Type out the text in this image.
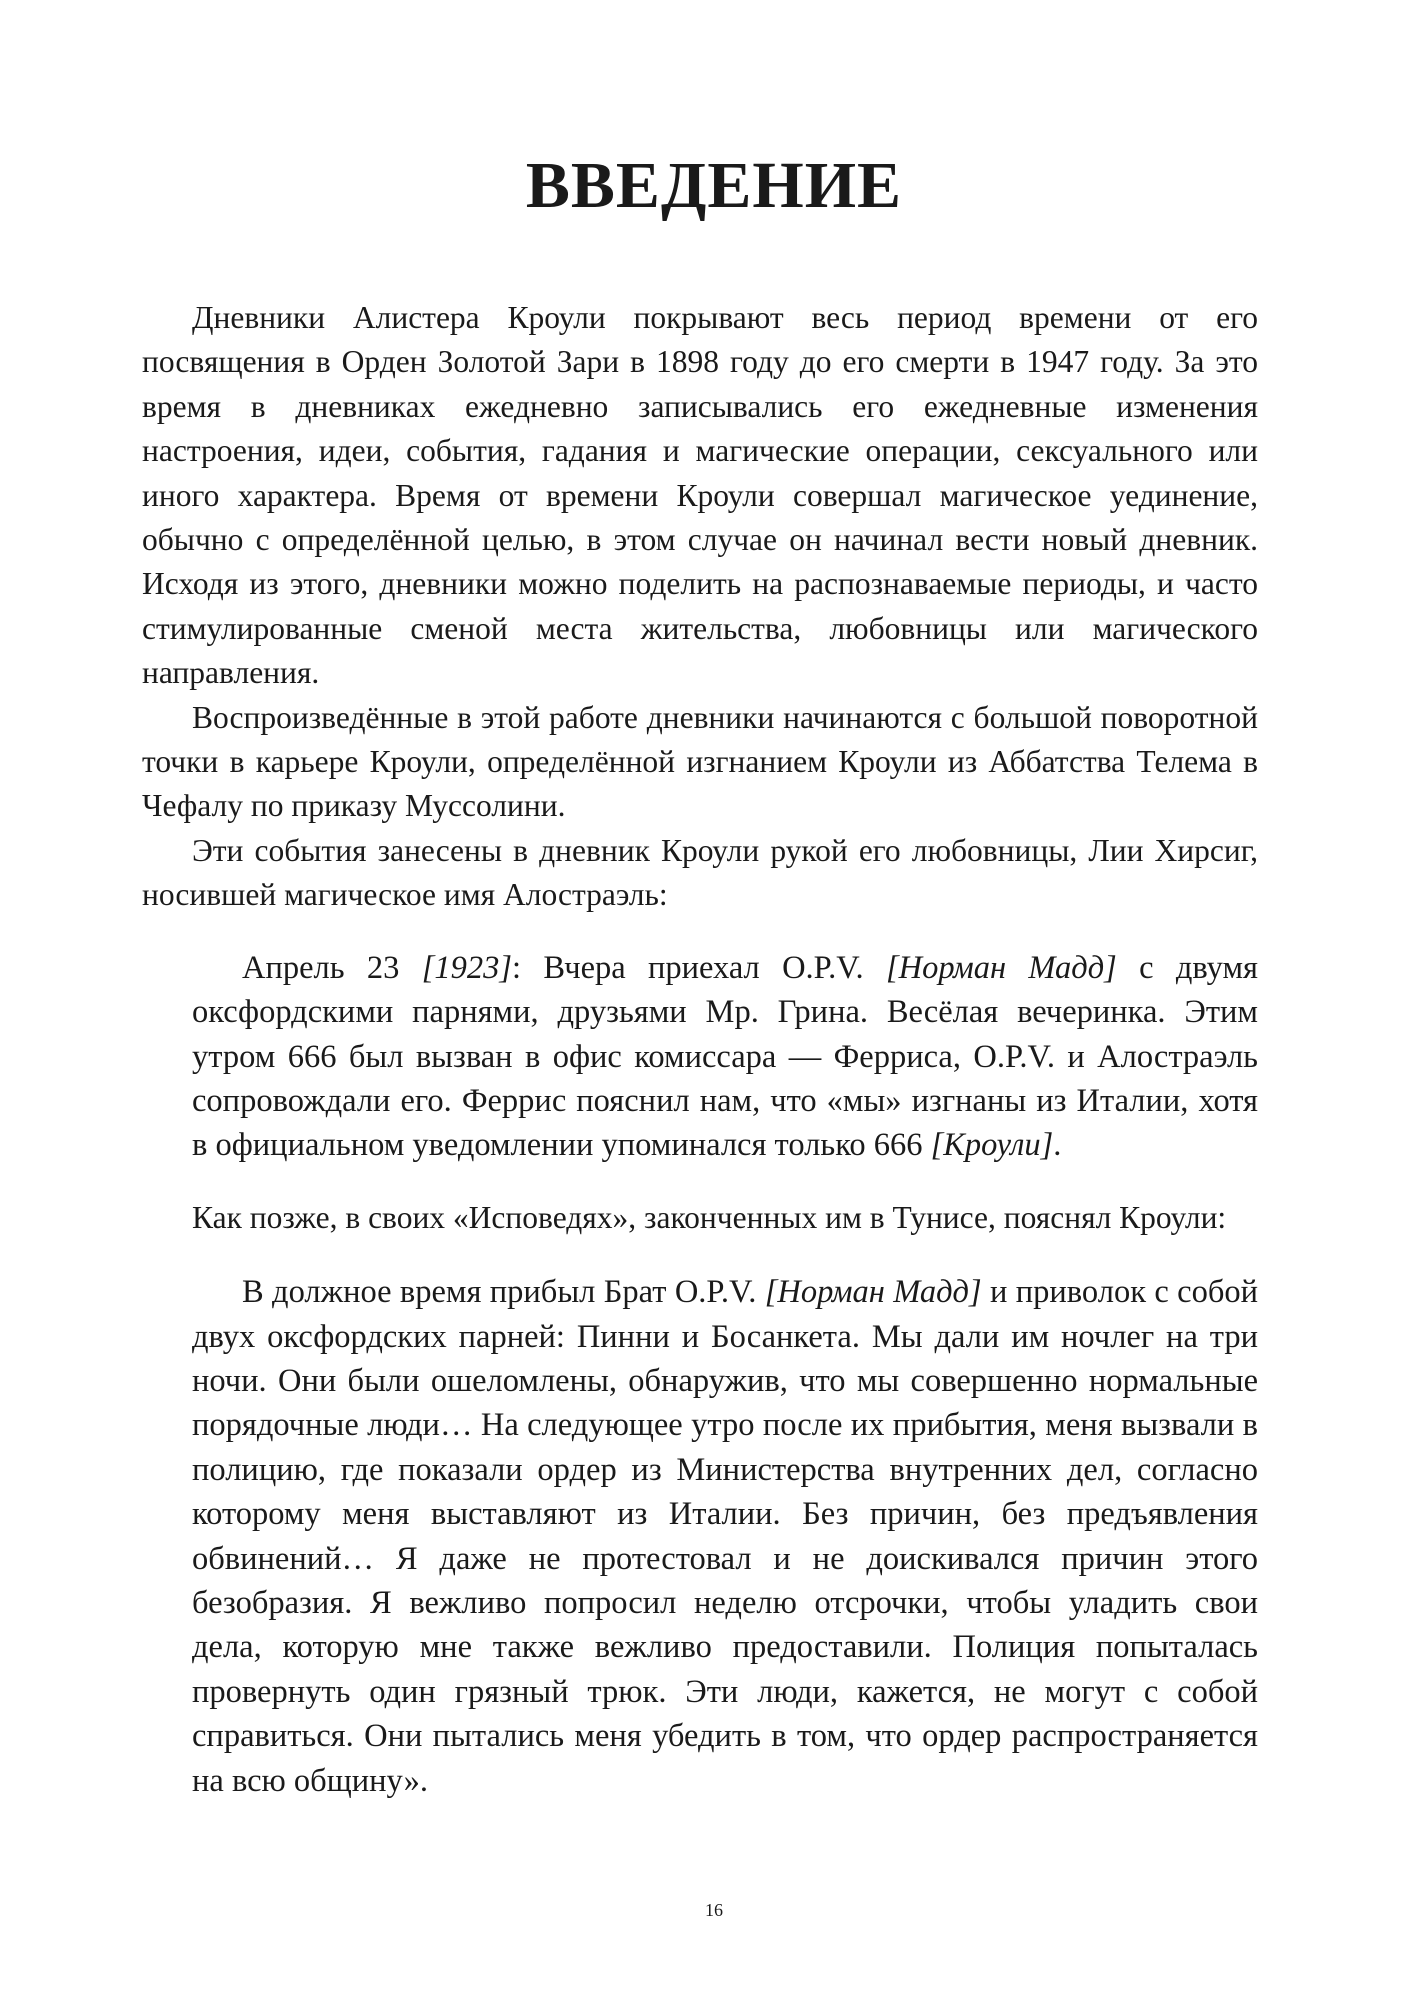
ВВЕДЕНИЕ

Дневники Алистера Кроули покрывают весь период времени от его посвящения в Орден Золотой Зари в 1898 году до его смерти в 1947 году. За это время в дневниках ежедневно записывались его ежедневные изменения настроения, идеи, события, гадания и магические операции, сексуального или иного характера. Время от времени Кроули совершал магическое уединение, обычно с определённой целью, в этом случае он начинал вести новый дневник. Исходя из этого, дневники можно поделить на распознаваемые периоды, и часто стимулированные сменой места жительства, любовницы или магического направления.

Воспроизведённые в этой работе дневники начинаются с большой поворотной точки в карьере Кроули, определённой изгнанием Кроули из Аббатства Телема в Чефалу по приказу Муссолини.

Эти события занесены в дневник Кроули рукой его любовницы, Лии Хирсиг, носившей магическое имя Алостраэль:

Апрель 23 [1923]: Вчера приехал O.P.V. [Норман Мадд] с двумя оксфордскими парнями, друзьями Мр. Грина. Весёлая вечеринка. Этим утром 666 был вызван в офис комиссара — Ферриса, O.P.V. и Алостраэль сопровождали его. Феррис пояснил нам, что «мы» изгнаны из Италии, хотя в официальном уведомлении упоминался только 666 [Кроули].

Как позже, в своих «Исповедях», законченных им в Тунисе, пояснял Кроули:

В должное время прибыл Брат O.P.V. [Норман Мадд] и приволок с собой двух оксфордских парней: Пинни и Босанкета. Мы дали им ночлег на три ночи. Они были ошеломлены, обнаружив, что мы совершенно нормальные порядочные люди… На следующее утро после их прибытия, меня вызвали в полицию, где показали ордер из Министерства внутренних дел, согласно которому меня выставляют из Италии. Без причин, без предъявления обвинений… Я даже не протестовал и не доискивался причин этого безобразия. Я вежливо попросил неделю отсрочки, чтобы уладить свои дела, которую мне также вежливо предоставили. Полиция попыталась провернуть один грязный трюк. Эти люди, кажется, не могут с собой справиться. Они пытались меня убедить в том, что ордер распространяется на всю общину».

16
